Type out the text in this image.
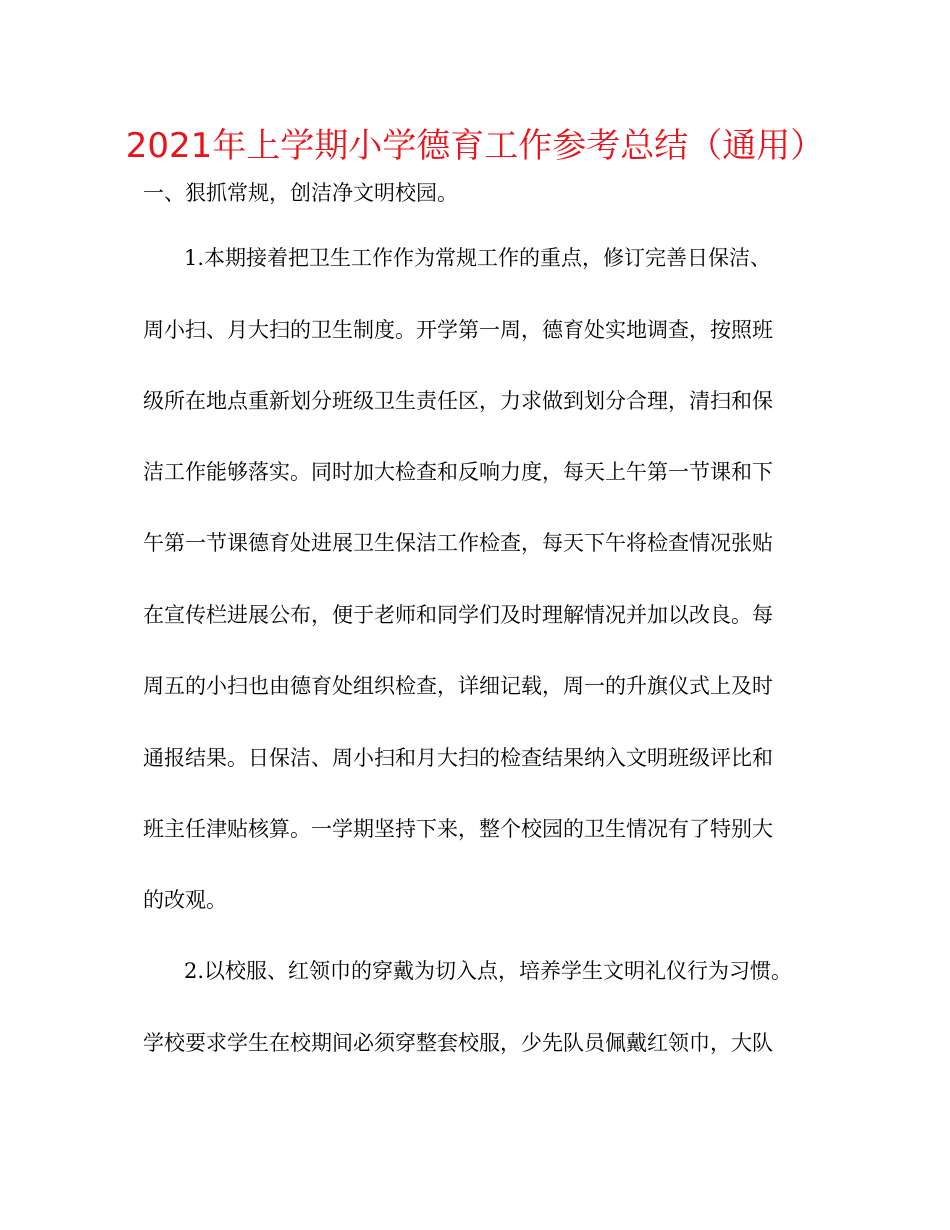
2021年上学期小学德育工作参考总结（通用）
一、狠抓常规，创洁净文明校园。
1.本期接着把卫生工作作为常规工作的重点，修订完善日保洁、
周小扫、月大扫的卫生制度。开学第一周，德育处实地调查，按照班
级所在地点重新划分班级卫生责任区，力求做到划分合理，清扫和保
洁工作能够落实。同时加大检查和反响力度，每天上午第一节课和下
午第一节课德育处进展卫生保洁工作检查，每天下午将检查情况张贴
在宣传栏进展公布，便于老师和同学们及时理解情况并加以改良。每
周五的小扫也由德育处组织检查，详细记载，周一的升旗仪式上及时
通报结果。日保洁、周小扫和月大扫的检查结果纳入文明班级评比和
班主任津贴核算。一学期坚持下来，整个校园的卫生情况有了特别大
的改观。
2.以校服、红领巾的穿戴为切入点，培养学生文明礼仪行为习惯。
学校要求学生在校期间必须穿整套校服，少先队员佩戴红领巾，大队
